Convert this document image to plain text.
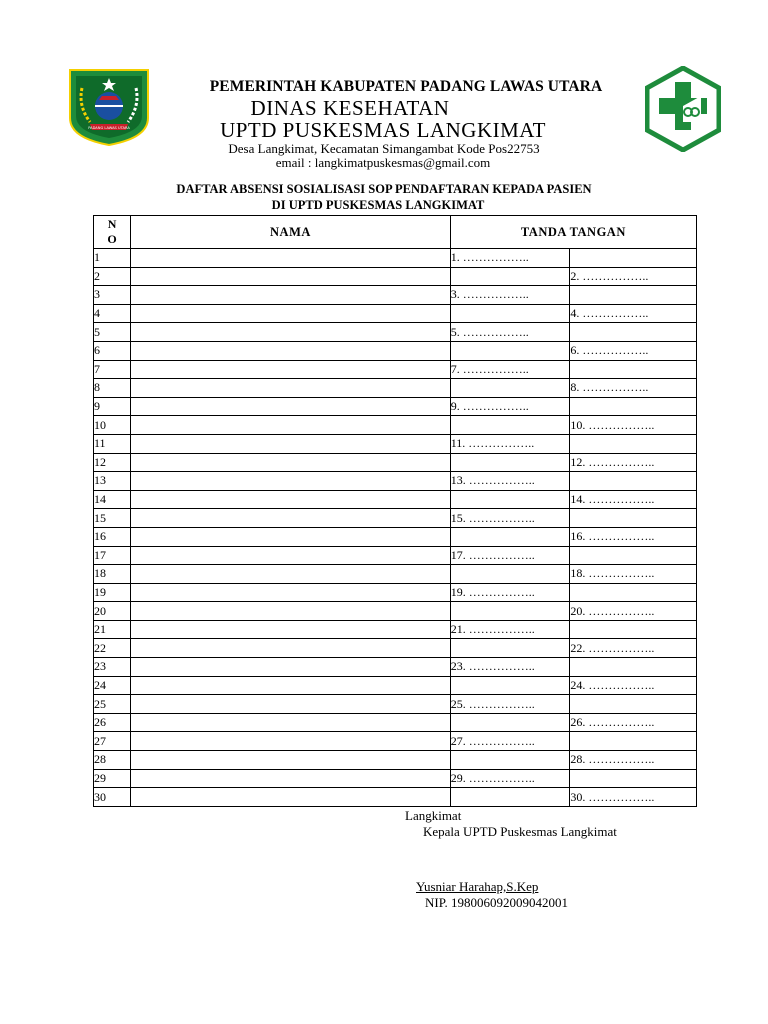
PADANG LAWAS UTARA
PEMERINTAH KABUPATEN PADANG LAWAS UTARA
DINAS KESEHATAN
UPTD PUSKESMAS LANGKIMAT
Desa Langkimat, Kecamatan Simangambat Kode Pos22753
email : langkimatpuskesmas@gmail.com
DAFTAR ABSENSI SOSIALISASI SOP PENDAFTARAN KEPADA PASIEN
DI UPTD PUSKESMAS LANGKIMAT
N
O	NAMA	TANDA TANGAN	
1		1. ……………..	
2			2. ……………..
3		3. ……………..	
4			4. ……………..
5		5. ……………..	
6			6. ……………..
7		7. ……………..	
8			8. ……………..
9		9. ……………..	
10			10. ……………..
11		11. ……………..	
12			12. ……………..
13		13. ……………..	
14			14. ……………..
15		15. ……………..	
16			16. ……………..
17		17. ……………..	
18			18. ……………..
19		19. ……………..	
20			20. ……………..
21		21. ……………..	
22			22. ……………..
23		23. ……………..	
24			24. ……………..
25		25. ……………..	
26			26. ……………..
27		27. ……………..	
28			28. ……………..
29		29. ……………..	
30			30. ……………..
Langkimat
Kepala UPTD Puskesmas Langkimat
Yusniar Harahap,S.Kep
NIP. 198006092009042001
